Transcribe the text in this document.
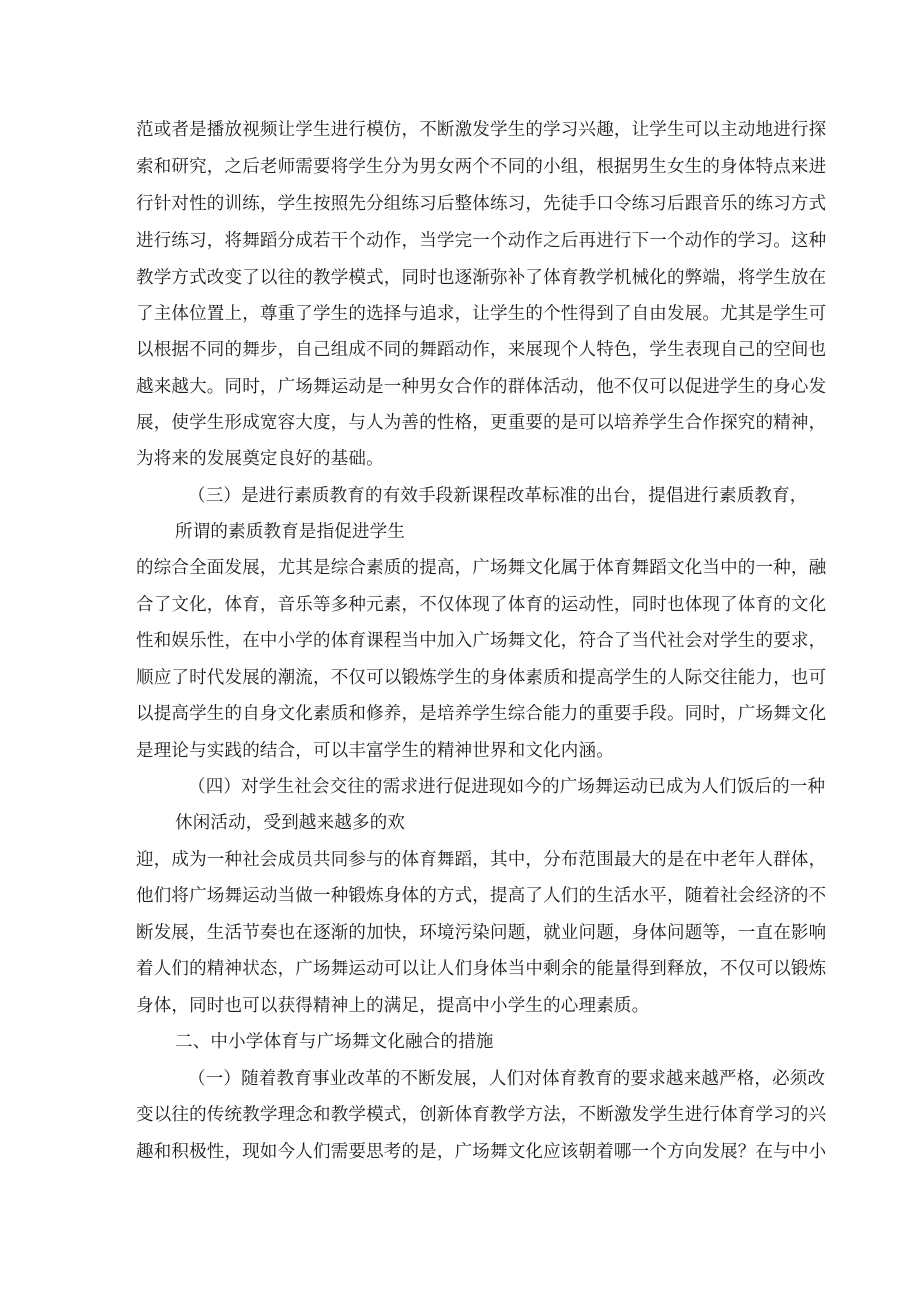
范或者是播放视频让学生进行模仿，不断激发学生的学习兴趣，让学生可以主动地进行探
索和研究，之后老师需要将学生分为男女两个不同的小组，根据男生女生的身体特点来进
行针对性的训练，学生按照先分组练习后整体练习，先徒手口令练习后跟音乐的练习方式
进行练习，将舞蹈分成若干个动作，当学完一个动作之后再进行下一个动作的学习。这种
教学方式改变了以往的教学模式，同时也逐渐弥补了体育教学机械化的弊端，将学生放在
了主体位置上，尊重了学生的选择与追求，让学生的个性得到了自由发展。尤其是学生可
以根据不同的舞步，自己组成不同的舞蹈动作，来展现个人特色，学生表现自己的空间也
越来越大。同时，广场舞运动是一种男女合作的群体活动，他不仅可以促进学生的身心发
展，使学生形成宽容大度，与人为善的性格，更重要的是可以培养学生合作探究的精神，
为将来的发展奠定良好的基础。
（三）是进行素质教育的有效手段新课程改革标准的出台，提倡进行素质教育，
所谓的素质教育是指促进学生
的综合全面发展，尤其是综合素质的提高，广场舞文化属于体育舞蹈文化当中的一种，融
合了文化，体育，音乐等多种元素，不仅体现了体育的运动性，同时也体现了体育的文化
性和娱乐性，在中小学的体育课程当中加入广场舞文化，符合了当代社会对学生的要求，
顺应了时代发展的潮流，不仅可以锻炼学生的身体素质和提高学生的人际交往能力，也可
以提高学生的自身文化素质和修养，是培养学生综合能力的重要手段。同时，广场舞文化
是理论与实践的结合，可以丰富学生的精神世界和文化内涵。
（四）对学生社会交往的需求进行促进现如今的广场舞运动已成为人们饭后的一种
休闲活动，受到越来越多的欢
迎，成为一种社会成员共同参与的体育舞蹈，其中，分布范围最大的是在中老年人群体，
他们将广场舞运动当做一种锻炼身体的方式，提高了人们的生活水平，随着社会经济的不
断发展，生活节奏也在逐渐的加快，环境污染问题，就业问题，身体问题等，一直在影响
着人们的精神状态，广场舞运动可以让人们身体当中剩余的能量得到释放，不仅可以锻炼
身体，同时也可以获得精神上的满足，提高中小学生的心理素质。
二、中小学体育与广场舞文化融合的措施
（一）随着教育事业改革的不断发展，人们对体育教育的要求越来越严格，必须改
变以往的传统教学理念和教学模式，创新体育教学方法，不断激发学生进行体育学习的兴
趣和积极性，现如今人们需要思考的是，广场舞文化应该朝着哪一个方向发展？在与中小
